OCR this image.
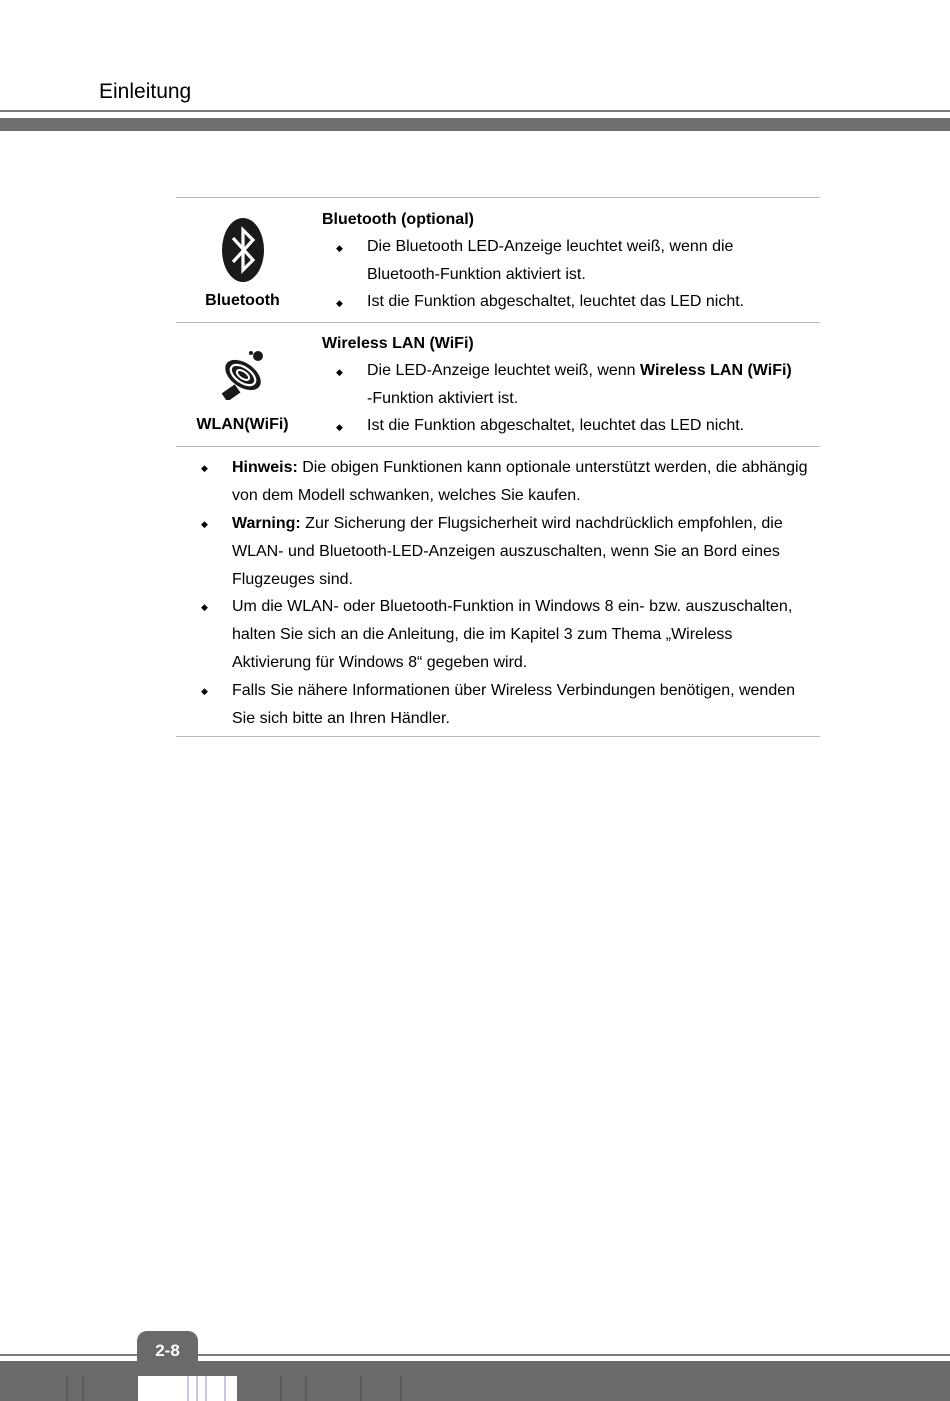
Einleitung
Bluetooth
Bluetooth (optional)
◆ Die Bluetooth LED-Anzeige leuchtet weiß, wenn die
Bluetooth-Funktion aktiviert ist.
◆ Ist die Funktion abgeschaltet, leuchtet das LED nicht.
WLAN(WiFi)
Wireless LAN (WiFi)
◆ Die LED-Anzeige leuchtet weiß, wenn Wireless LAN (WiFi)
-Funktion aktiviert ist.
◆ Ist die Funktion abgeschaltet, leuchtet das LED nicht.
◆ Hinweis: Die obigen Funktionen kann optionale unterstützt werden, die abhängig
von dem Modell schwanken, welches Sie kaufen.
◆ Warning: Zur Sicherung der Flugsicherheit wird nachdrücklich empfohlen, die
WLAN- und Bluetooth-LED-Anzeigen auszuschalten, wenn Sie an Bord eines
Flugzeuges sind.
◆ Um die WLAN- oder Bluetooth-Funktion in Windows 8 ein- bzw. auszuschalten,
halten Sie sich an die Anleitung, die im Kapitel 3 zum Thema „Wireless
Aktivierung für Windows 8“ gegeben wird.
◆ Falls Sie nähere Informationen über Wireless Verbindungen benötigen, wenden
Sie sich bitte an Ihren Händler.
2-8
